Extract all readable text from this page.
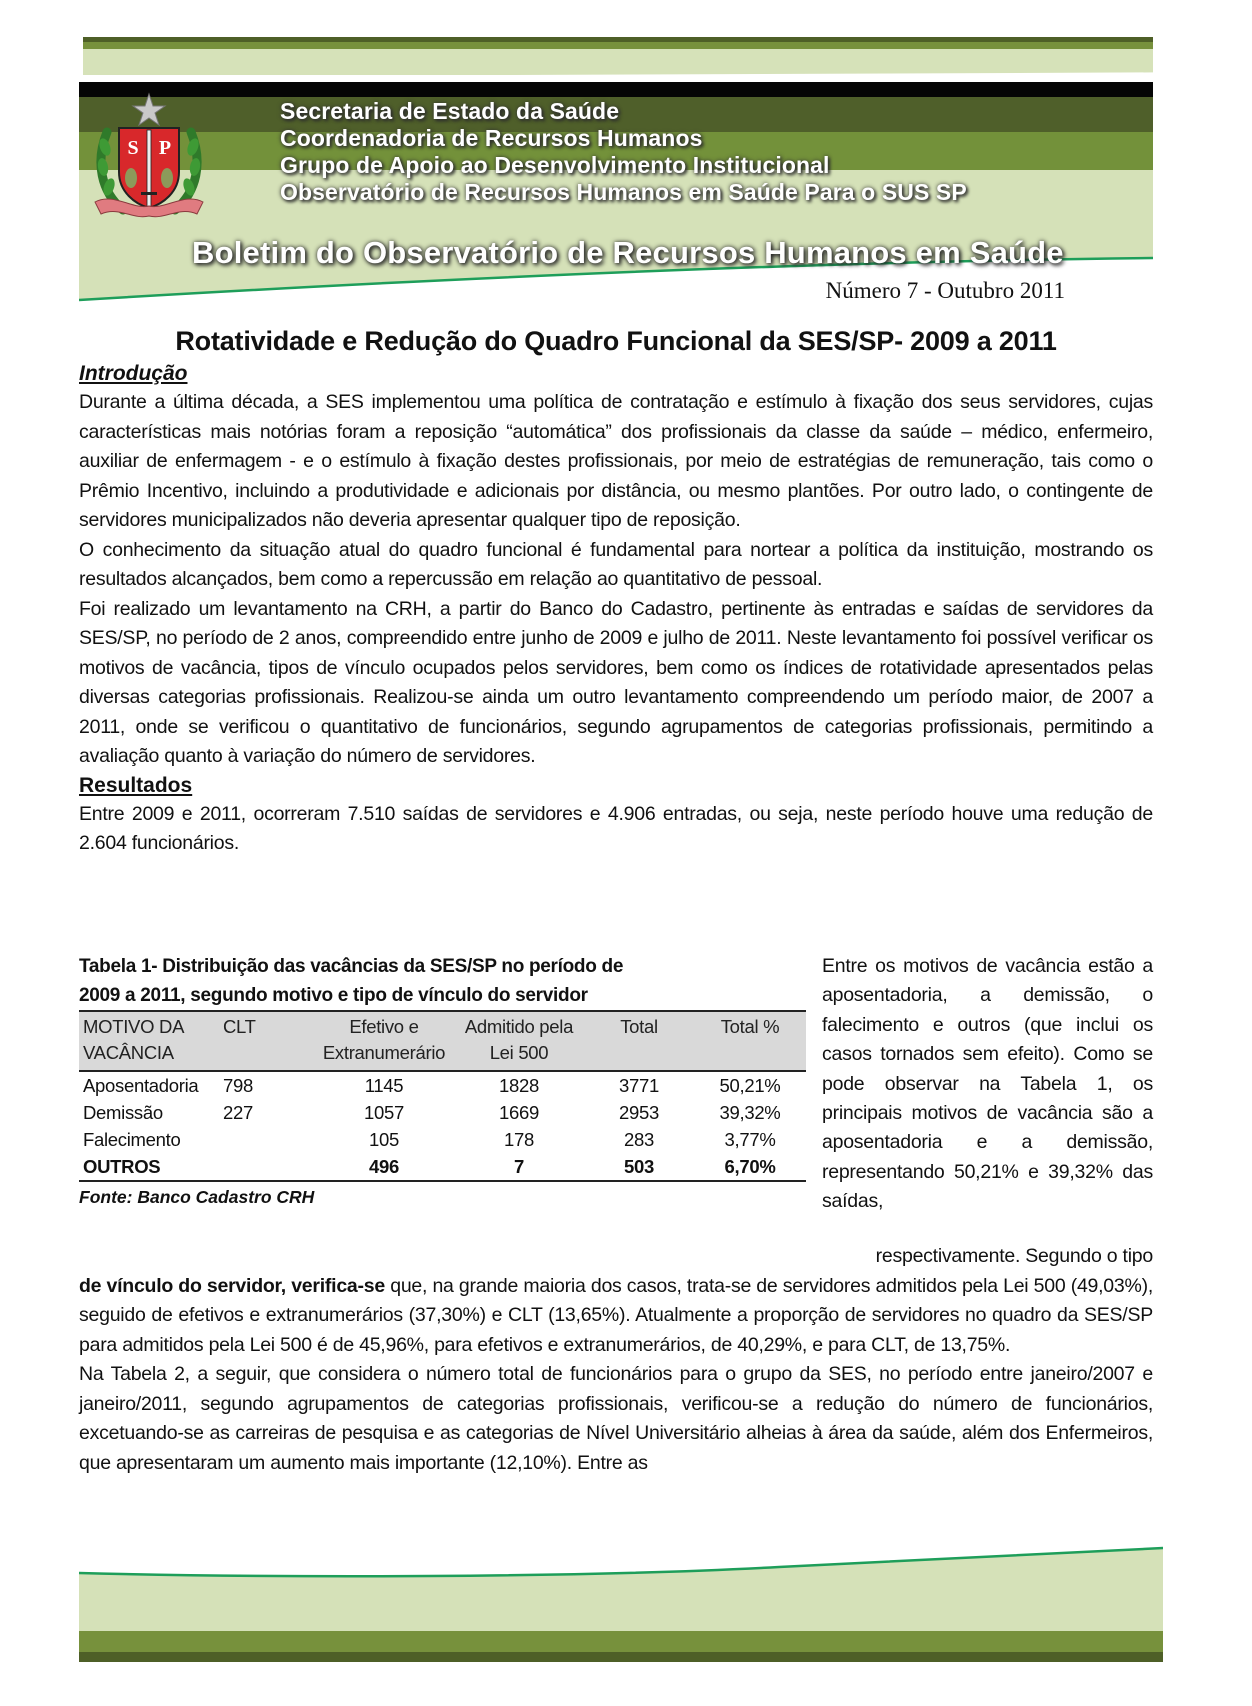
S P
Secretaria de Estado da Saúde
Coordenadoria de Recursos Humanos
Grupo de Apoio ao Desenvolvimento Institucional
Observatório de Recursos Humanos em Saúde Para o SUS SP
Boletim do Observatório de Recursos Humanos em Saúde
Número 7 - Outubro 2011
Rotatividade e Redução do Quadro Funcional da SES/SP- 2009 a 2011
Introdução

Durante a última década, a SES implementou uma política de contratação e estímulo à fixação dos seus servidores, cujas características mais notórias foram a reposição “automática” dos profissionais da classe da saúde – médico, enfermeiro, auxiliar de enfermagem - e o estímulo à fixação destes profissionais, por meio de estratégias de remuneração, tais como o Prêmio Incentivo, incluindo a produtividade e adicionais por distância, ou mesmo plantões. Por outro lado, o contingente de servidores municipalizados não deveria apresentar qualquer tipo de reposição.

O conhecimento da situação atual do quadro funcional é fundamental para nortear a política da instituição, mostrando os resultados alcançados, bem como a repercussão em relação ao quantitativo de pessoal.

Foi realizado um levantamento na CRH, a partir do Banco do Cadastro, pertinente às entradas e saídas de servidores da SES/SP, no período de 2 anos, compreendido entre junho de 2009 e julho de 2011. Neste levantamento foi possível verificar os motivos de vacância, tipos de vínculo ocupados pelos servidores, bem como os índices de rotatividade apresentados pelas diversas categorias profissionais. Realizou-se ainda um outro levantamento compreendendo um período maior, de 2007 a 2011, onde se verificou o quantitativo de funcionários, segundo agrupamentos de categorias profissionais, permitindo a avaliação quanto à variação do número de servidores.

Resultados

Entre 2009 e 2011, ocorreram 7.510 saídas de servidores e 4.906 entradas, ou seja, neste período houve uma redução de 2.604 funcionários.

Tabela 1- Distribuição das vacâncias da SES/SP no período de
2009 a 2011, segundo motivo e tipo de vínculo do servidor
MOTIVO DA VACÂNCIA	CLT	Efetivo e Extranumerário	Admitido pela Lei 500	Total	Total %
Aposentadoria	798	1145	1828	3771	50,21%
Demissão	227	1057	1669	2953	39,32%
Falecimento		105	178	283	3,77%
OUTROS		496	7	503	6,70%
Fonte: Banco Cadastro CRH

Entre os motivos de vacância estão a aposentadoria, a demissão, o falecimento e outros (que inclui os casos tornados sem efeito). Como se pode observar na Tabela 1, os principais motivos de vacância são a aposentadoria e a demissão, representando 50,21% e 39,32% das saídas,

respectivamente. Segundo o tipo

de vínculo do servidor, verifica-se que, na grande maioria dos casos, trata-se de servidores admitidos pela Lei 500 (49,03%), seguido de efetivos e extranumerários (37,30%) e CLT (13,65%). Atualmente a proporção de servidores no quadro da SES/SP para admitidos pela Lei 500 é de 45,96%, para efetivos e extranumerários, de 40,29%, e para CLT, de 13,75%.

Na Tabela 2, a seguir, que considera o número total de funcionários para o grupo da SES, no período entre janeiro/2007 e janeiro/2011, segundo agrupamentos de categorias profissionais, verificou-se a redução do número de funcionários, excetuando-se as carreiras de pesquisa e as categorias de Nível Universitário alheias à área da saúde, além dos Enfermeiros, que apresentaram um aumento mais importante (12,10%). Entre as
